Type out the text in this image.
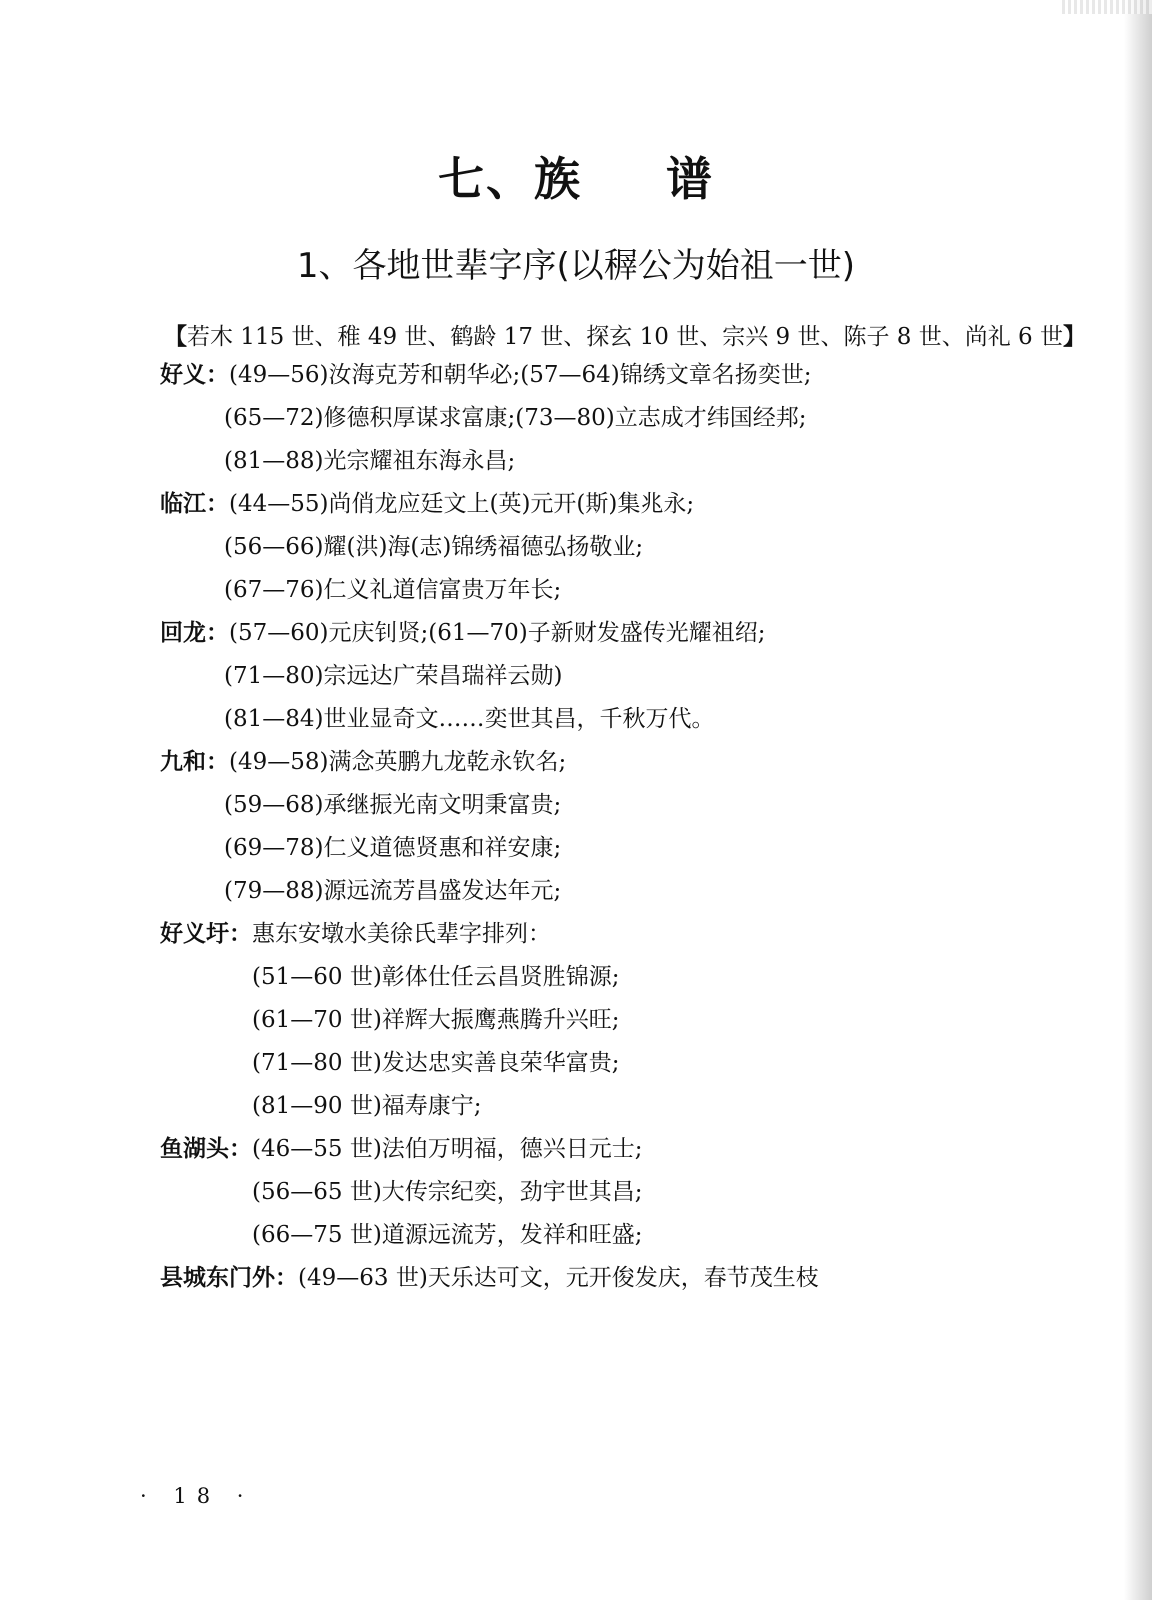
七、族 谱
1、各地世辈字序(以稺公为始祖一世)

【若木 115 世、稚 49 世、鹤龄 17 世、探玄 10 世、宗兴 9 世、陈子 8 世、尚礼 6 世】

好义：(49—56)汝海克芳和朝华必;(57—64)锦绣文章名扬奕世;

(65—72)修德积厚谋求富康;(73—80)立志成才纬国经邦;

(81—88)光宗耀祖东海永昌;

临江：(44—55)尚俏龙应廷文上(英)元开(斯)集兆永;

(56—66)耀(洪)海(志)锦绣福德弘扬敬业;

(67—76)仁义礼道信富贵万年长;

回龙：(57—60)元庆钊贤;(61—70)子新财发盛传光耀祖绍;

(71—80)宗远达广荣昌瑞祥云勋)

(81—84)世业显奇文……奕世其昌，千秋万代。

九和：(49—58)满念英鹏九龙乾永钦名;

(59—68)承继振光南文明秉富贵;

(69—78)仁义道德贤惠和祥安康;

(79—88)源远流芳昌盛发达年元;

好义圩：惠东安墩水美徐氏辈字排列：

(51—60 世)彰体仕任云昌贤胜锦源;

(61—70 世)祥辉大振鹰燕腾升兴旺;

(71—80 世)发达忠实善良荣华富贵;

(81—90 世)福寿康宁;

鱼湖头：(46—55 世)法伯万明福，德兴日元士;

(56—65 世)大传宗纪奕，劲宇世其昌;

(66—75 世)道源远流芳，发祥和旺盛;

县城东门外：(49—63 世)天乐达可文，元开俊发庆，春节茂生枝

· 18 ·
